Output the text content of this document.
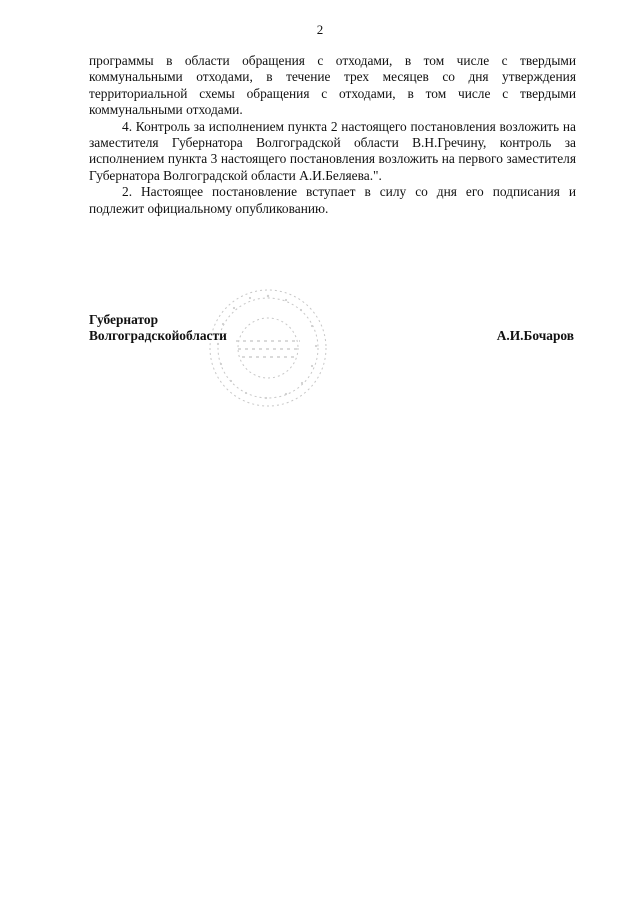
2

программы в области обращения с отходами, в том числе с твердыми коммунальными отходами, в течение трех месяцев со дня утверждения территориальной схемы обращения с отходами, в том числе с твердыми коммунальными отходами.

4. Контроль за исполнением пункта 2 настоящего постановления возложить на заместителя Губернатора Волгоградской области В.Н.Гречину, контроль за исполнением пункта 3 настоящего постановления возложить на первого заместителя Губернатора Волгоградской области А.И.Беляева.".

2. Настоящее постановление вступает в силу со дня его подписания и подлежит официальному опубликованию.

Губернатор
Волгоградскойобласти	А.И.Бочаров
